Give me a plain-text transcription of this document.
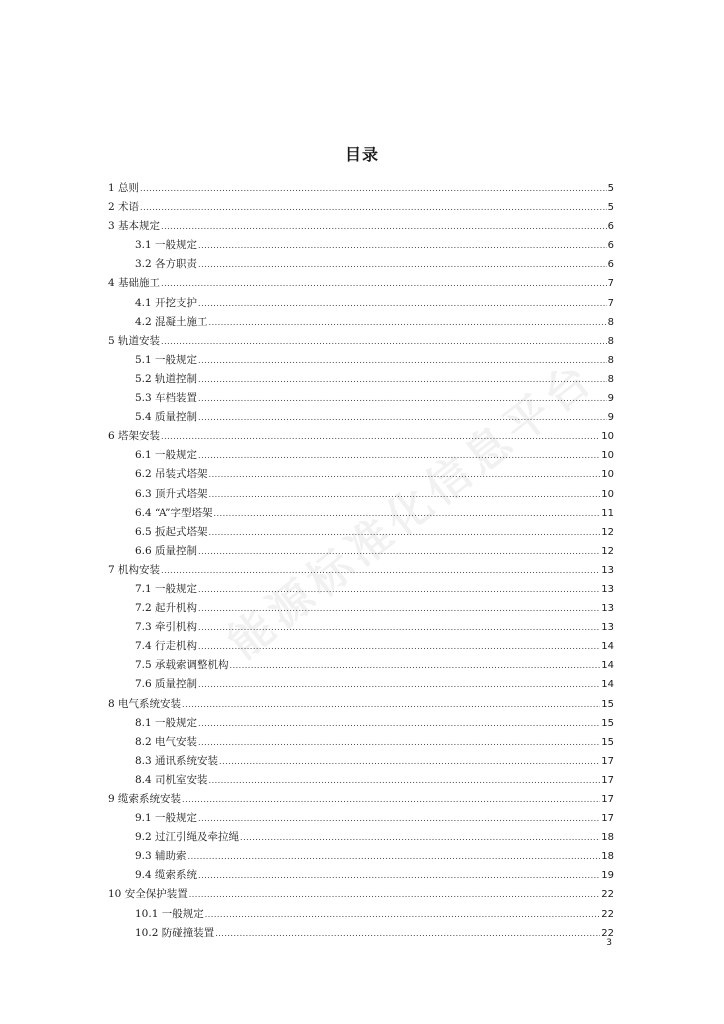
目录
1 总则 .....	5
2 术语 .....	5
3 基本规定 .....	6
3.1 一般规定 .....	6
3.2 各方职责 .....	6
4 基础施工 .....	7
4.1 开挖支护 .....	7
4.2 混凝土施工 .....	8
5 轨道安装 .....	8
5.1 一般规定 .....	8
5.2 轨道控制 .....	8
5.3 车档装置 .....	9
5.4 质量控制 .....	9
6 塔架安装 .....	10
6.1 一般规定 .....	10
6.2 吊装式塔架 .....	10
6.3 顶升式塔架 .....	10
6.4 “A”字型塔架 .....	11
6.5 扳起式塔架 .....	12
6.6 质量控制 .....	12
7 机构安装 .....	13
7.1 一般规定 .....	13
7.2 起升机构 .....	13
7.3 牵引机构 .....	13
7.4 行走机构 .....	14
7.5 承载索调整机构 .....	14
7.6 质量控制 .....	14
8 电气系统安装 .....	15
8.1 一般规定 .....	15
8.2 电气安装 .....	15
8.3 通讯系统安装 .....	17
8.4 司机室安装 .....	17
9 缆索系统安装 .....	17
9.1 一般规定 .....	17
9.2 过江引绳及牵拉绳 .....	18
9.3 辅助索 .....	18
9.4 缆索系统 .....	19
10 安全保护装置 .....	22
10.1 一般规定 .....	22
10.2 防碰撞装置 .....	22
3
能源标准化信息平台
